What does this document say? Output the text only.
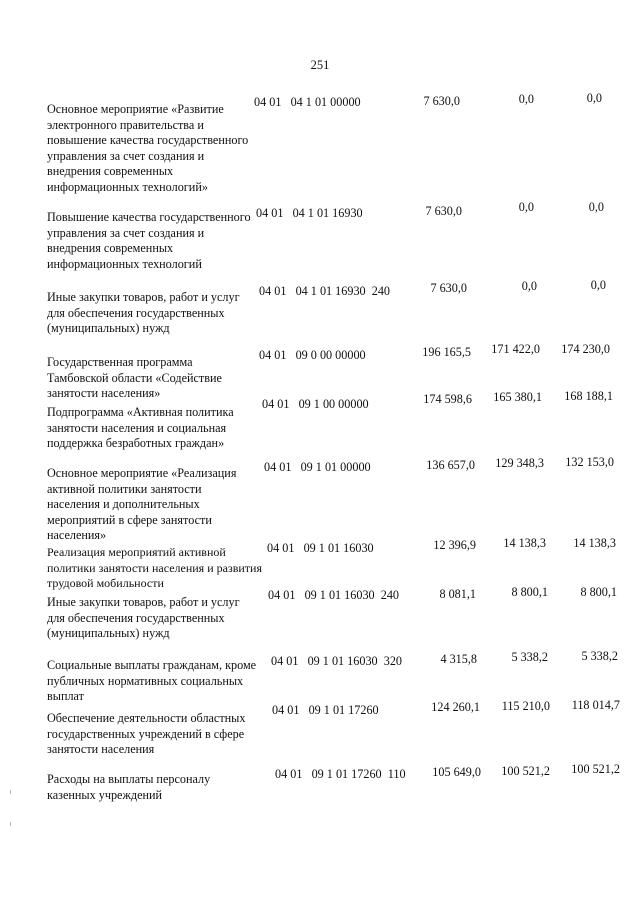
251
Основное мероприятие «Развитие электронного правительства и повышение качества государственного управления за счет создания и внедрения современных информационных технологий»
04 01   04 1 01 00000	7 630,0	0,0	0,0
Повышение качества государственного управления за счет создания и внедрения современных информационных технологий
04 01   04 1 01 16930	7 630,0	0,0	0,0
Иные закупки товаров, работ и услуг для обеспечения государственных (муниципальных) нужд
04 01   04 1 01 16930  240	7 630,0	0,0	0,0
Государственная программа Тамбовской области «Содействие занятости населения»
04 01   09 0 00 00000	196 165,5	171 422,0	174 230,0
Подпрограмма «Активная политика занятости населения и социальная поддержка безработных граждан»
04 01   09 1 00 00000	174 598,6	165 380,1	168 188,1
Основное мероприятие «Реализация активной политики занятости населения и дополнительных мероприятий в сфере занятости населения»
04 01   09 1 01 00000	136 657,0	129 348,3	132 153,0
Реализация мероприятий активной политики занятости населения и развития трудовой мобильности
04 01   09 1 01 16030	12 396,9	14 138,3	14 138,3
Иные закупки товаров, работ и услуг для обеспечения государственных (муниципальных) нужд
04 01   09 1 01 16030  240	8 081,1	8 800,1	8 800,1
Социальные выплаты гражданам, кроме публичных нормативных социальных выплат
04 01   09 1 01 16030  320	4 315,8	5 338,2	5 338,2
Обеспечение деятельности областных государственных учреждений в сфере занятости населения
04 01   09 1 01 17260	124 260,1	115 210,0	118 014,7
Расходы на выплаты персоналу казенных учреждений
04 01   09 1 01 17260  110	105 649,0	100 521,2	100 521,2
